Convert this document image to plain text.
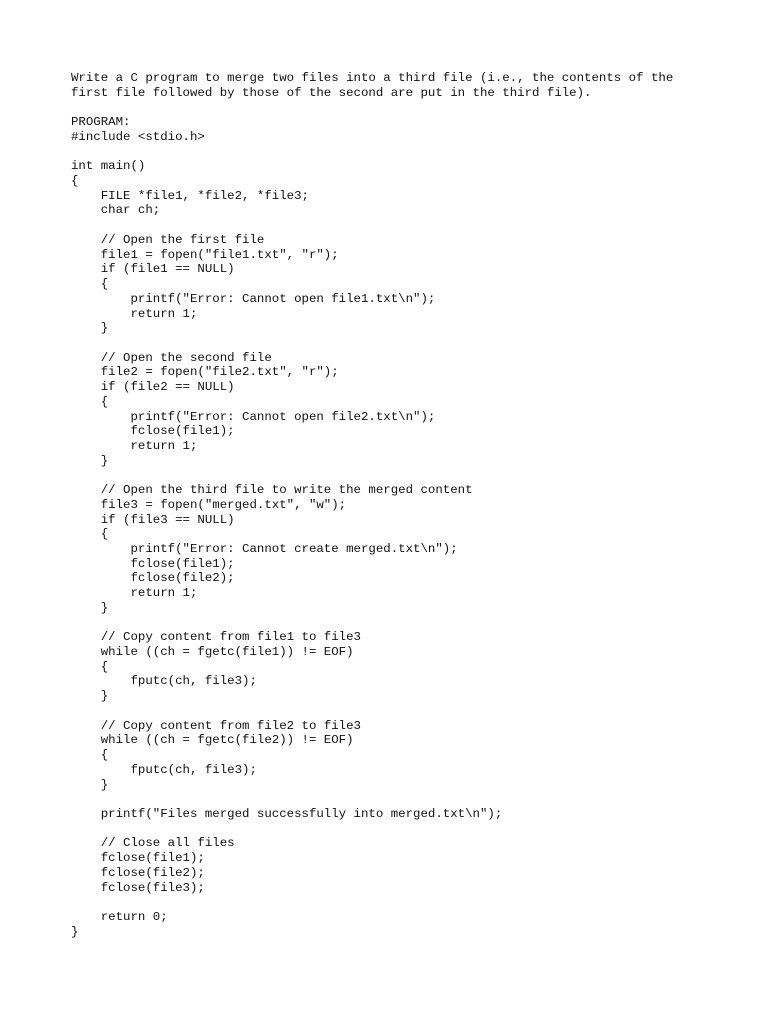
Write a C program to merge two files into a third file (i.e., the contents of the
first file followed by those of the second are put in the third file).
PROGRAM:
#include <stdio.h>
int main()
{
FILE *file1, *file2, *file3;
char ch;
// Open the first file
file1 = fopen("file1.txt", "r");
if (file1 == NULL)
{
printf("Error: Cannot open file1.txt\n");
return 1;
}
// Open the second file
file2 = fopen("file2.txt", "r");
if (file2 == NULL)
{
printf("Error: Cannot open file2.txt\n");
fclose(file1);
return 1;
}
// Open the third file to write the merged content
file3 = fopen("merged.txt", "w");
if (file3 == NULL)
{
printf("Error: Cannot create merged.txt\n");
fclose(file1);
fclose(file2);
return 1;
}
// Copy content from file1 to file3
while ((ch = fgetc(file1)) != EOF)
{
fputc(ch, file3);
}
// Copy content from file2 to file3
while ((ch = fgetc(file2)) != EOF)
{
fputc(ch, file3);
}
printf("Files merged successfully into merged.txt\n");
// Close all files
fclose(file1);
fclose(file2);
fclose(file3);
return 0;
}
